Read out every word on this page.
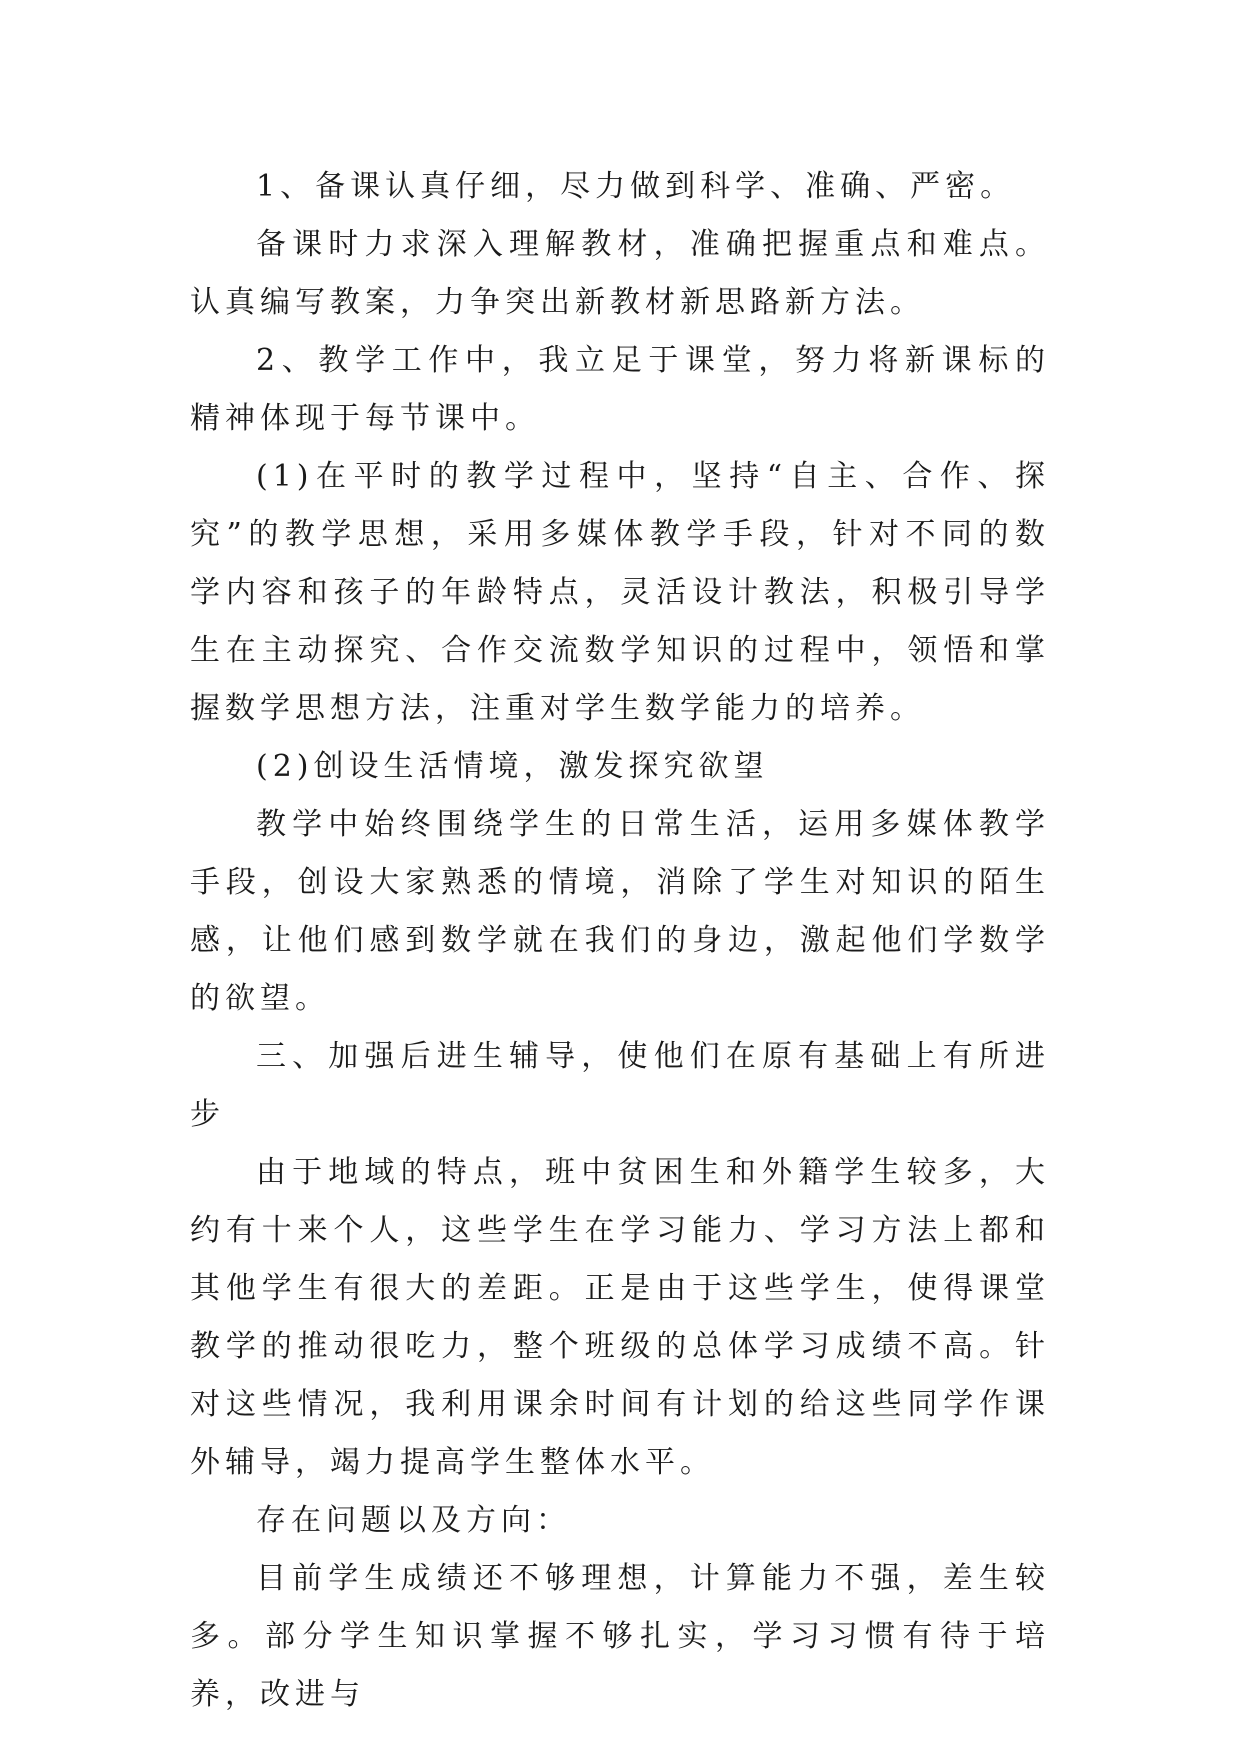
1、备课认真仔细，尽力做到科学、准确、严密。

备课时力求深入理解教材，准确把握重点和难点。认真编写教案，力争突出新教材新思路新方法。

2、教学工作中，我立足于课堂，努力将新课标的精神体现于每节课中。

(1)在平时的教学过程中，坚持“自主、合作、探究”的教学思想，采用多媒体教学手段，针对不同的数学内容和孩子的年龄特点，灵活设计教法，积极引导学生在主动探究、合作交流数学知识的过程中，领悟和掌握数学思想方法，注重对学生数学能力的培养。

(2)创设生活情境，激发探究欲望

教学中始终围绕学生的日常生活，运用多媒体教学手段，创设大家熟悉的情境，消除了学生对知识的陌生感，让他们感到数学就在我们的身边，激起他们学数学的欲望。

三、加强后进生辅导，使他们在原有基础上有所进步

由于地域的特点，班中贫困生和外籍学生较多，大约有十来个人，这些学生在学习能力、学习方法上都和其他学生有很大的差距。正是由于这些学生，使得课堂教学的推动很吃力，整个班级的总体学习成绩不高。针对这些情况，我利用课余时间有计划的给这些同学作课外辅导，竭力提高学生整体水平。

存在问题以及方向：

目前学生成绩还不够理想，计算能力不强，差生较多。部分学生知识掌握不够扎实，学习习惯有待于培养，改进与
